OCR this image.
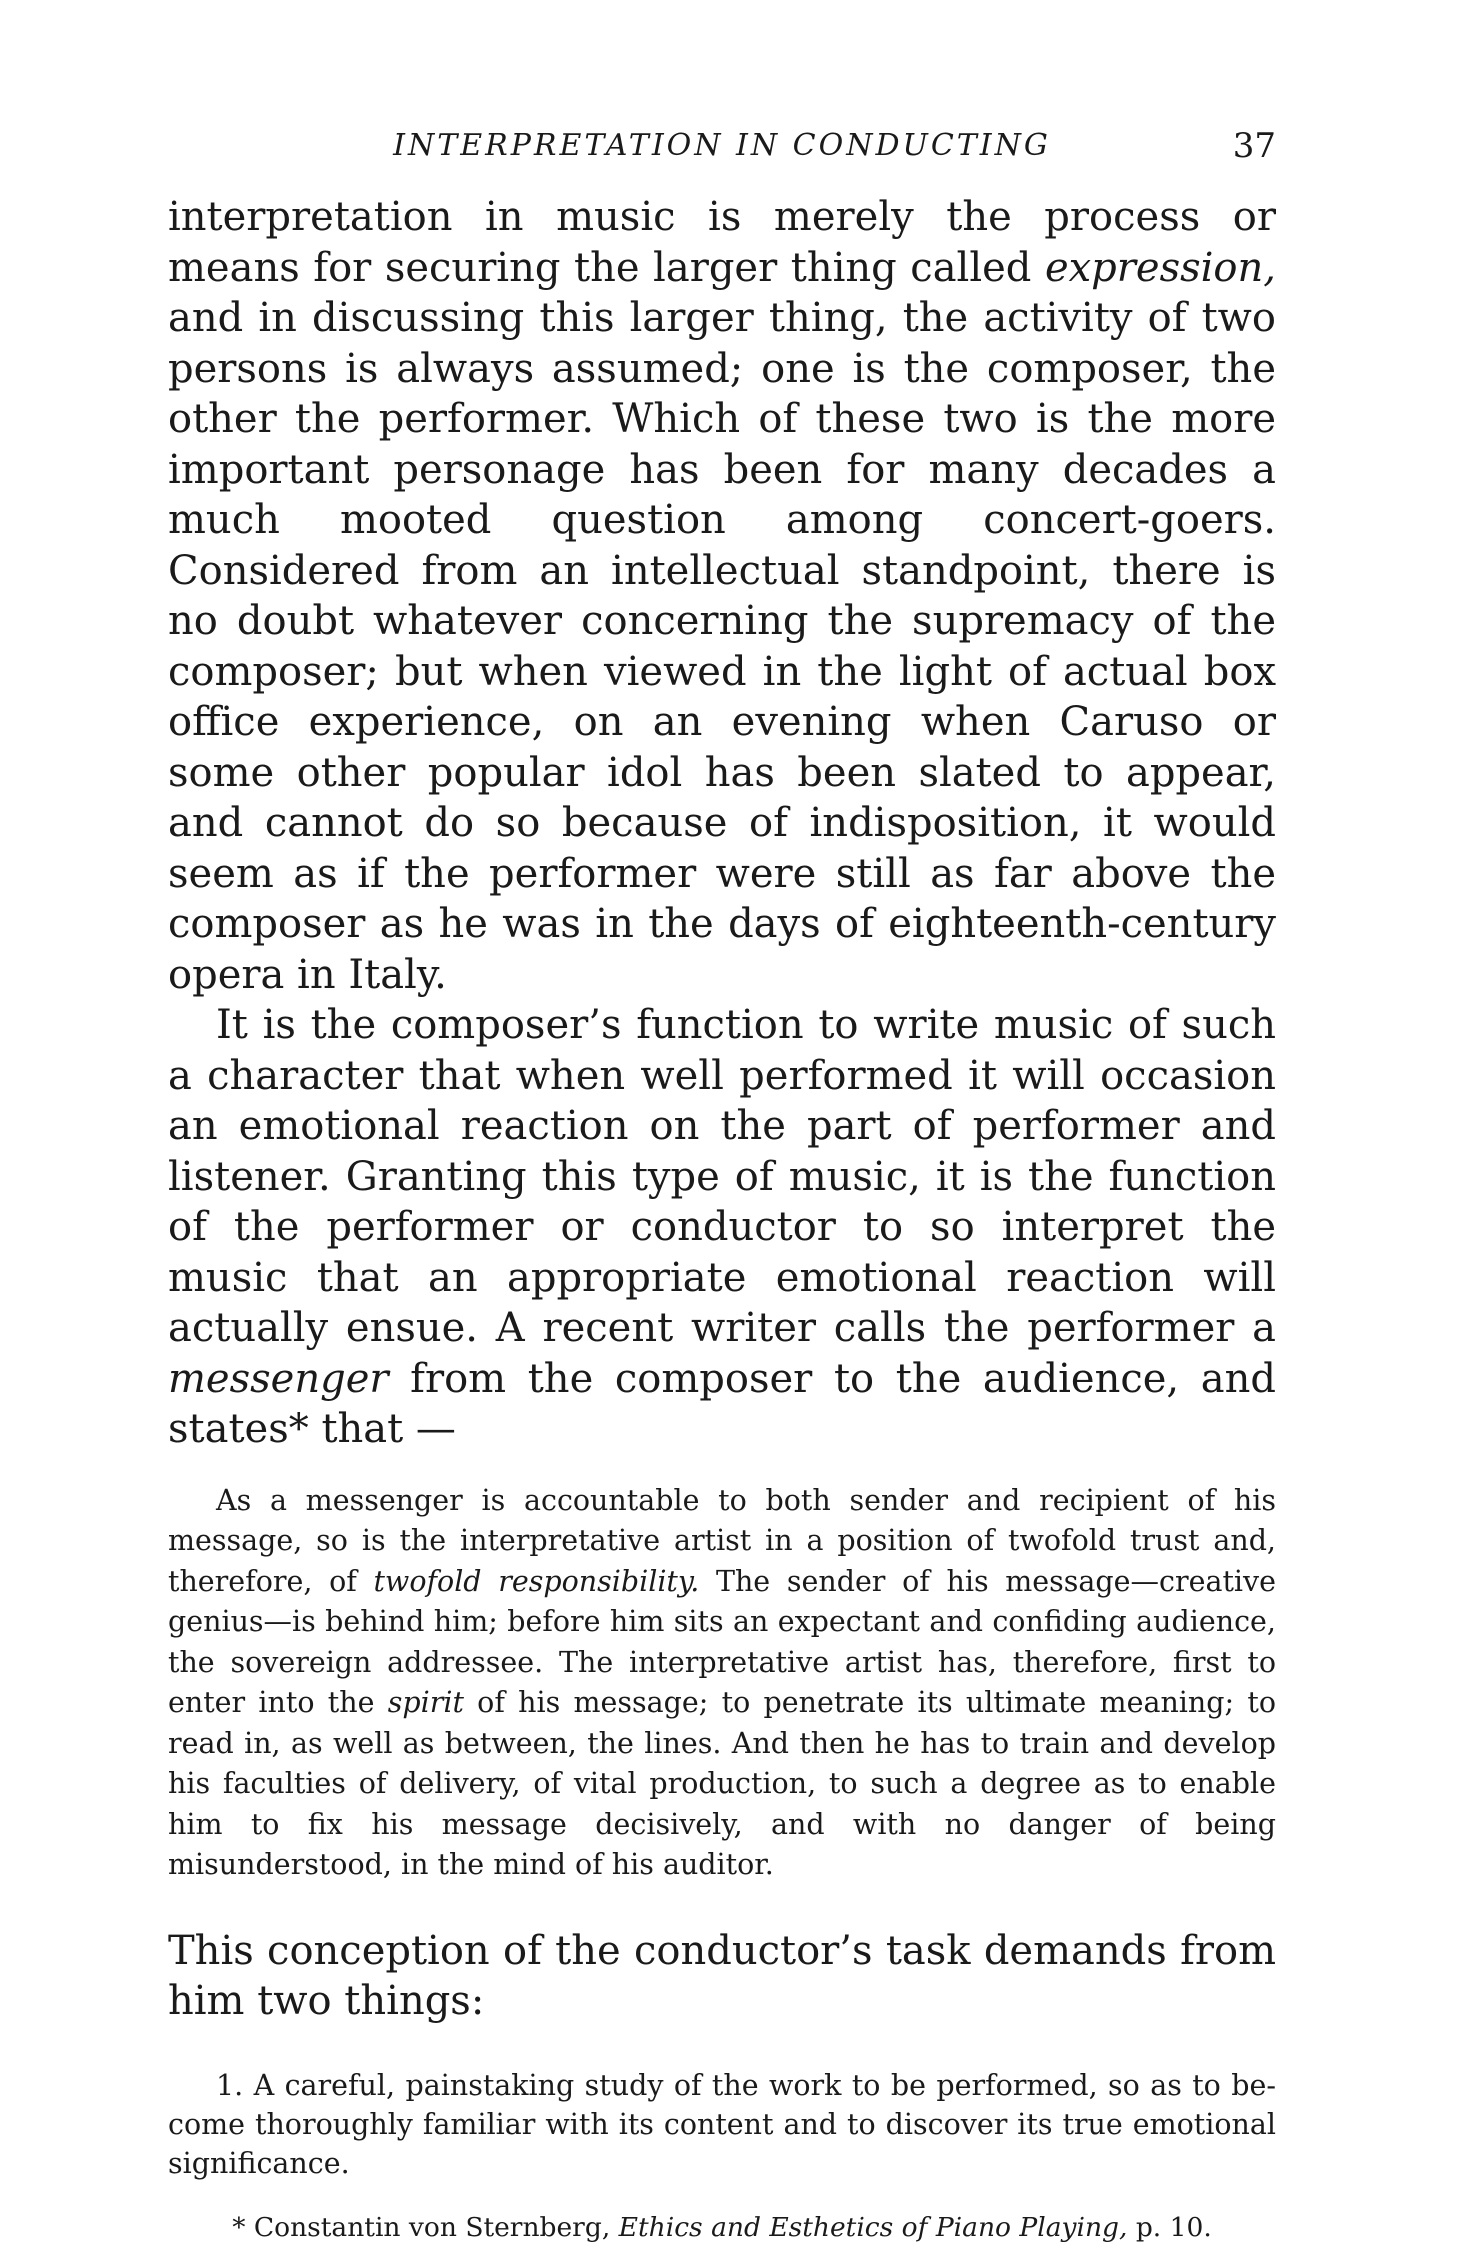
INTERPRETATION IN CONDUCTING	37

interpretation in music is merely the process or means for securing the larger thing called expression, and in discussing this larger thing, the activity of two persons is always assumed; one is the composer, the other the performer. Which of these two is the more important personage has been for many decades a much mooted question among concert-goers. Considered from an intellectual standpoint, there is no doubt whatever concerning the supremacy of the composer; but when viewed in the light of actual box office experience, on an evening when Caruso or some other popular idol has been slated to appear, and cannot do so because of indisposition, it would seem as if the performer were still as far above the composer as he was in the days of eighteenth-century opera in Italy.

It is the composer’s function to write music of such a character that when well performed it will occasion an emotional reaction on the part of performer and listener. Granting this type of music, it is the function of the performer or conductor to so interpret the music that an appropriate emotional reaction will actually ensue. A recent writer calls the performer a messenger from the composer to the audience, and states* that —

As a messenger is accountable to both sender and recipient of his message, so is the interpretative artist in a position of twofold trust and, therefore, of twofold responsibility. The sender of his message—creative genius—is behind him; before him sits an expectant and confiding audience, the sovereign addressee. The interpretative artist has, therefore, first to enter into the spirit of his message; to penetrate its ultimate meaning; to read in, as well as between, the lines. And then he has to train and develop his faculties of delivery, of vital production, to such a degree as to enable him to fix his message decisively, and with no danger of being misunderstood, in the mind of his auditor.

This conception of the conductor’s task demands from him two things:

1. A careful, painstaking study of the work to be performed, so as to become thoroughly familiar with its content and to discover its true emotional significance.

* Constantin von Sternberg, Ethics and Esthetics of Piano Playing, p. 10.
